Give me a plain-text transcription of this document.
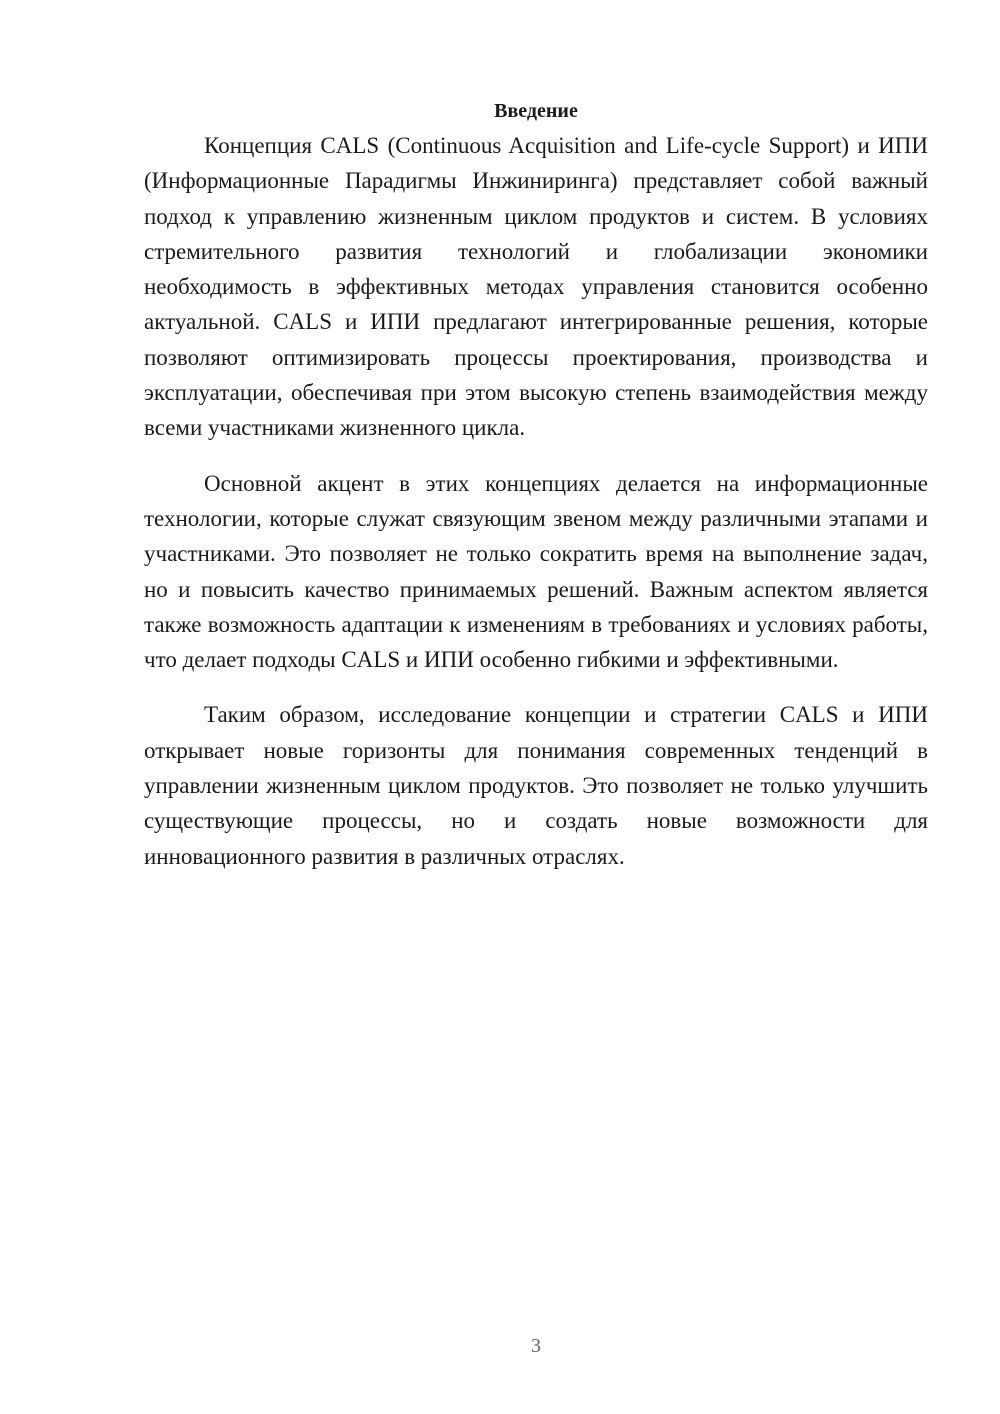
Введение

Концепция CALS (Continuous Acquisition and Life-cycle Support) и ИПИ (Информационные Парадигмы Инжиниринга) представляет собой важный подход к управлению жизненным циклом продуктов и систем. В условиях стремительного развития технологий и глобализации экономики необходимость в эффективных методах управления становится особенно актуальной. CALS и ИПИ предлагают интегрированные решения, которые позволяют оптимизировать процессы проектирования, производства и эксплуатации, обеспечивая при этом высокую степень взаимодействия между всеми участниками жизненного цикла.

Основной акцент в этих концепциях делается на информационные технологии, которые служат связующим звеном между различными этапами и участниками. Это позволяет не только сократить время на выполнение задач, но и повысить качество принимаемых решений. Важным аспектом является также возможность адаптации к изменениям в требованиях и условиях работы, что делает подходы CALS и ИПИ особенно гибкими и эффективными.

Таким образом, исследование концепции и стратегии CALS и ИПИ открывает новые горизонты для понимания современных тенденций в управлении жизненным циклом продуктов. Это позволяет не только улучшить существующие процессы, но и создать новые возможности для инновационного развития в различных отраслях.

3
